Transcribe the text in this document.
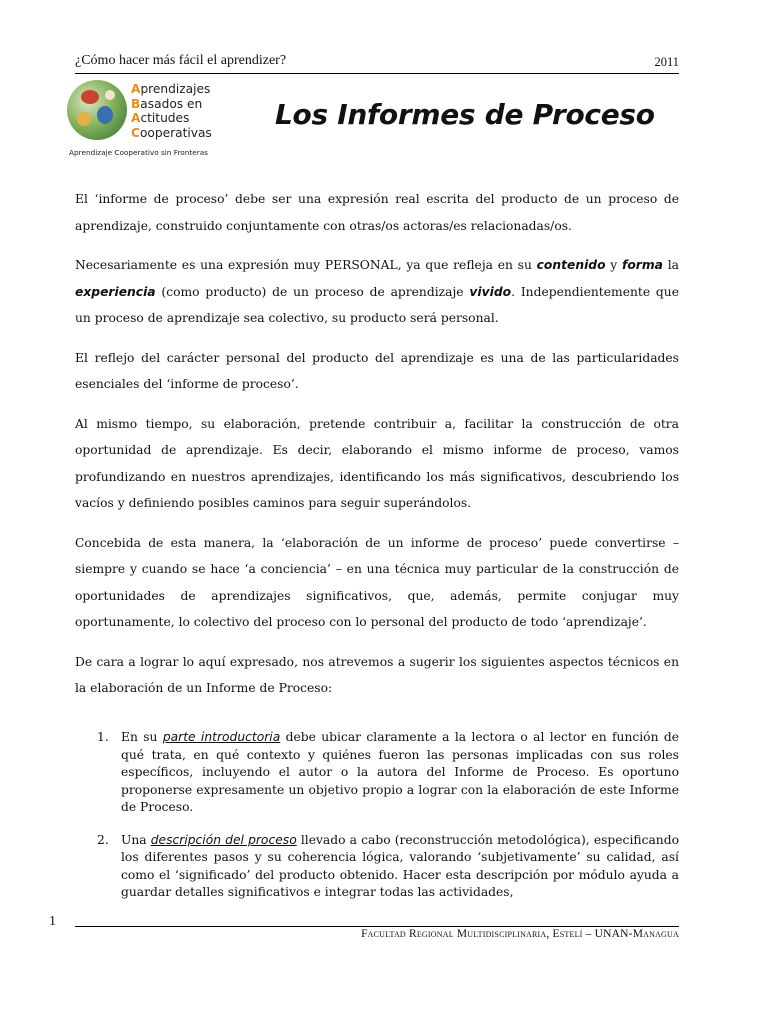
¿Cómo hacer más fácil el aprendizer?	2011
Aprendizajes
Basados en
Actitudes
Cooperativas
Aprendizaje Cooperativo sin Fronteras
Los Informes de Proceso

El ‘informe de proceso’ debe ser una expresión real escrita del producto de un proceso de aprendizaje, construido conjuntamente con otras/os actoras/es relacionadas/os.

Necesariamente es una expresión muy PERSONAL, ya que refleja en su contenido y forma la experiencia (como producto) de un proceso de aprendizaje vivido. Independientemente que un proceso de aprendizaje sea colectivo, su producto será personal.

El reflejo del carácter personal del producto del aprendizaje es una de las particularidades esenciales del ‘informe de proceso’.

Al mismo tiempo, su elaboración, pretende contribuir a, facilitar la construcción de otra oportunidad de aprendizaje. Es decir, elaborando el mismo informe de proceso, vamos profundizando en nuestros aprendizajes, identificando los más significativos, descubriendo los vacíos y definiendo posibles caminos para seguir superándolos.

Concebida de esta manera, la ‘elaboración de un informe de proceso’ puede convertirse – siempre y cuando se hace ‘a conciencia’ – en una técnica muy particular de la construcción de oportunidades de aprendizajes significativos, que, además, permite conjugar muy oportunamente, lo colectivo del proceso con lo personal del producto de todo ‘aprendizaje’.

De cara a lograr lo aquí expresado, nos atrevemos a sugerir los siguientes aspectos técnicos en la elaboración de un Informe de Proceso:

1. En su parte introductoria debe ubicar claramente a la lectora o al lector en función de qué trata, en qué contexto y quiénes fueron las personas implicadas con sus roles específicos, incluyendo el autor o la autora del Informe de Proceso. Es oportuno proponerse expresamente un objetivo propio a lograr con la elaboración de este Informe de Proceso.
2. Una descripción del proceso llevado a cabo (reconstrucción metodológica), especificando los diferentes pasos y su coherencia lógica, valorando ‘subjetivamente’ su calidad, así como el ‘significado’ del producto obtenido. Hacer esta descripción por módulo ayuda a guardar detalles significativos e integrar todas las actividades,
1
Facultad Regional Multidisciplinaria, Estelí – UNAN-Managua
